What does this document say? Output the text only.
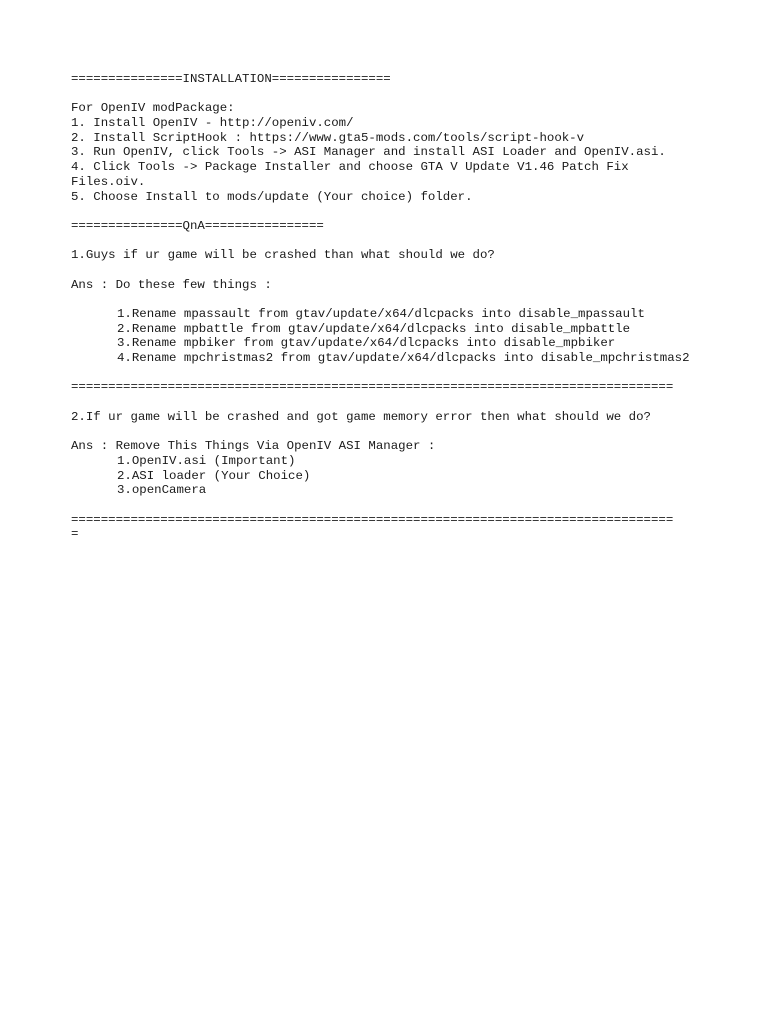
===============INSTALLATION================
For OpenIV modPackage:
1. Install OpenIV - http://openiv.com/
2. Install ScriptHook : https://www.gta5-mods.com/tools/script-hook-v
3. Run OpenIV, click Tools -> ASI Manager and install ASI Loader and OpenIV.asi.
4. Click Tools -> Package Installer and choose GTA V Update V1.46 Patch Fix
Files.oiv.
5. Choose Install to mods/update (Your choice) folder.
===============QnA================
1.Guys if ur game will be crashed than what should we do?
Ans : Do these few things :
1.Rename mpassault from gtav/update/x64/dlcpacks into disable_mpassault
2.Rename mpbattle from gtav/update/x64/dlcpacks into disable_mpbattle
3.Rename mpbiker from gtav/update/x64/dlcpacks into disable_mpbiker
4.Rename mpchristmas2 from gtav/update/x64/dlcpacks into disable_mpchristmas2
=================================================================================
2.If ur game will be crashed and got game memory error then what should we do?
Ans : Remove This Things Via OpenIV ASI Manager :
1.OpenIV.asi (Important)
2.ASI loader (Your Choice)
3.openCamera
=================================================================================
=
